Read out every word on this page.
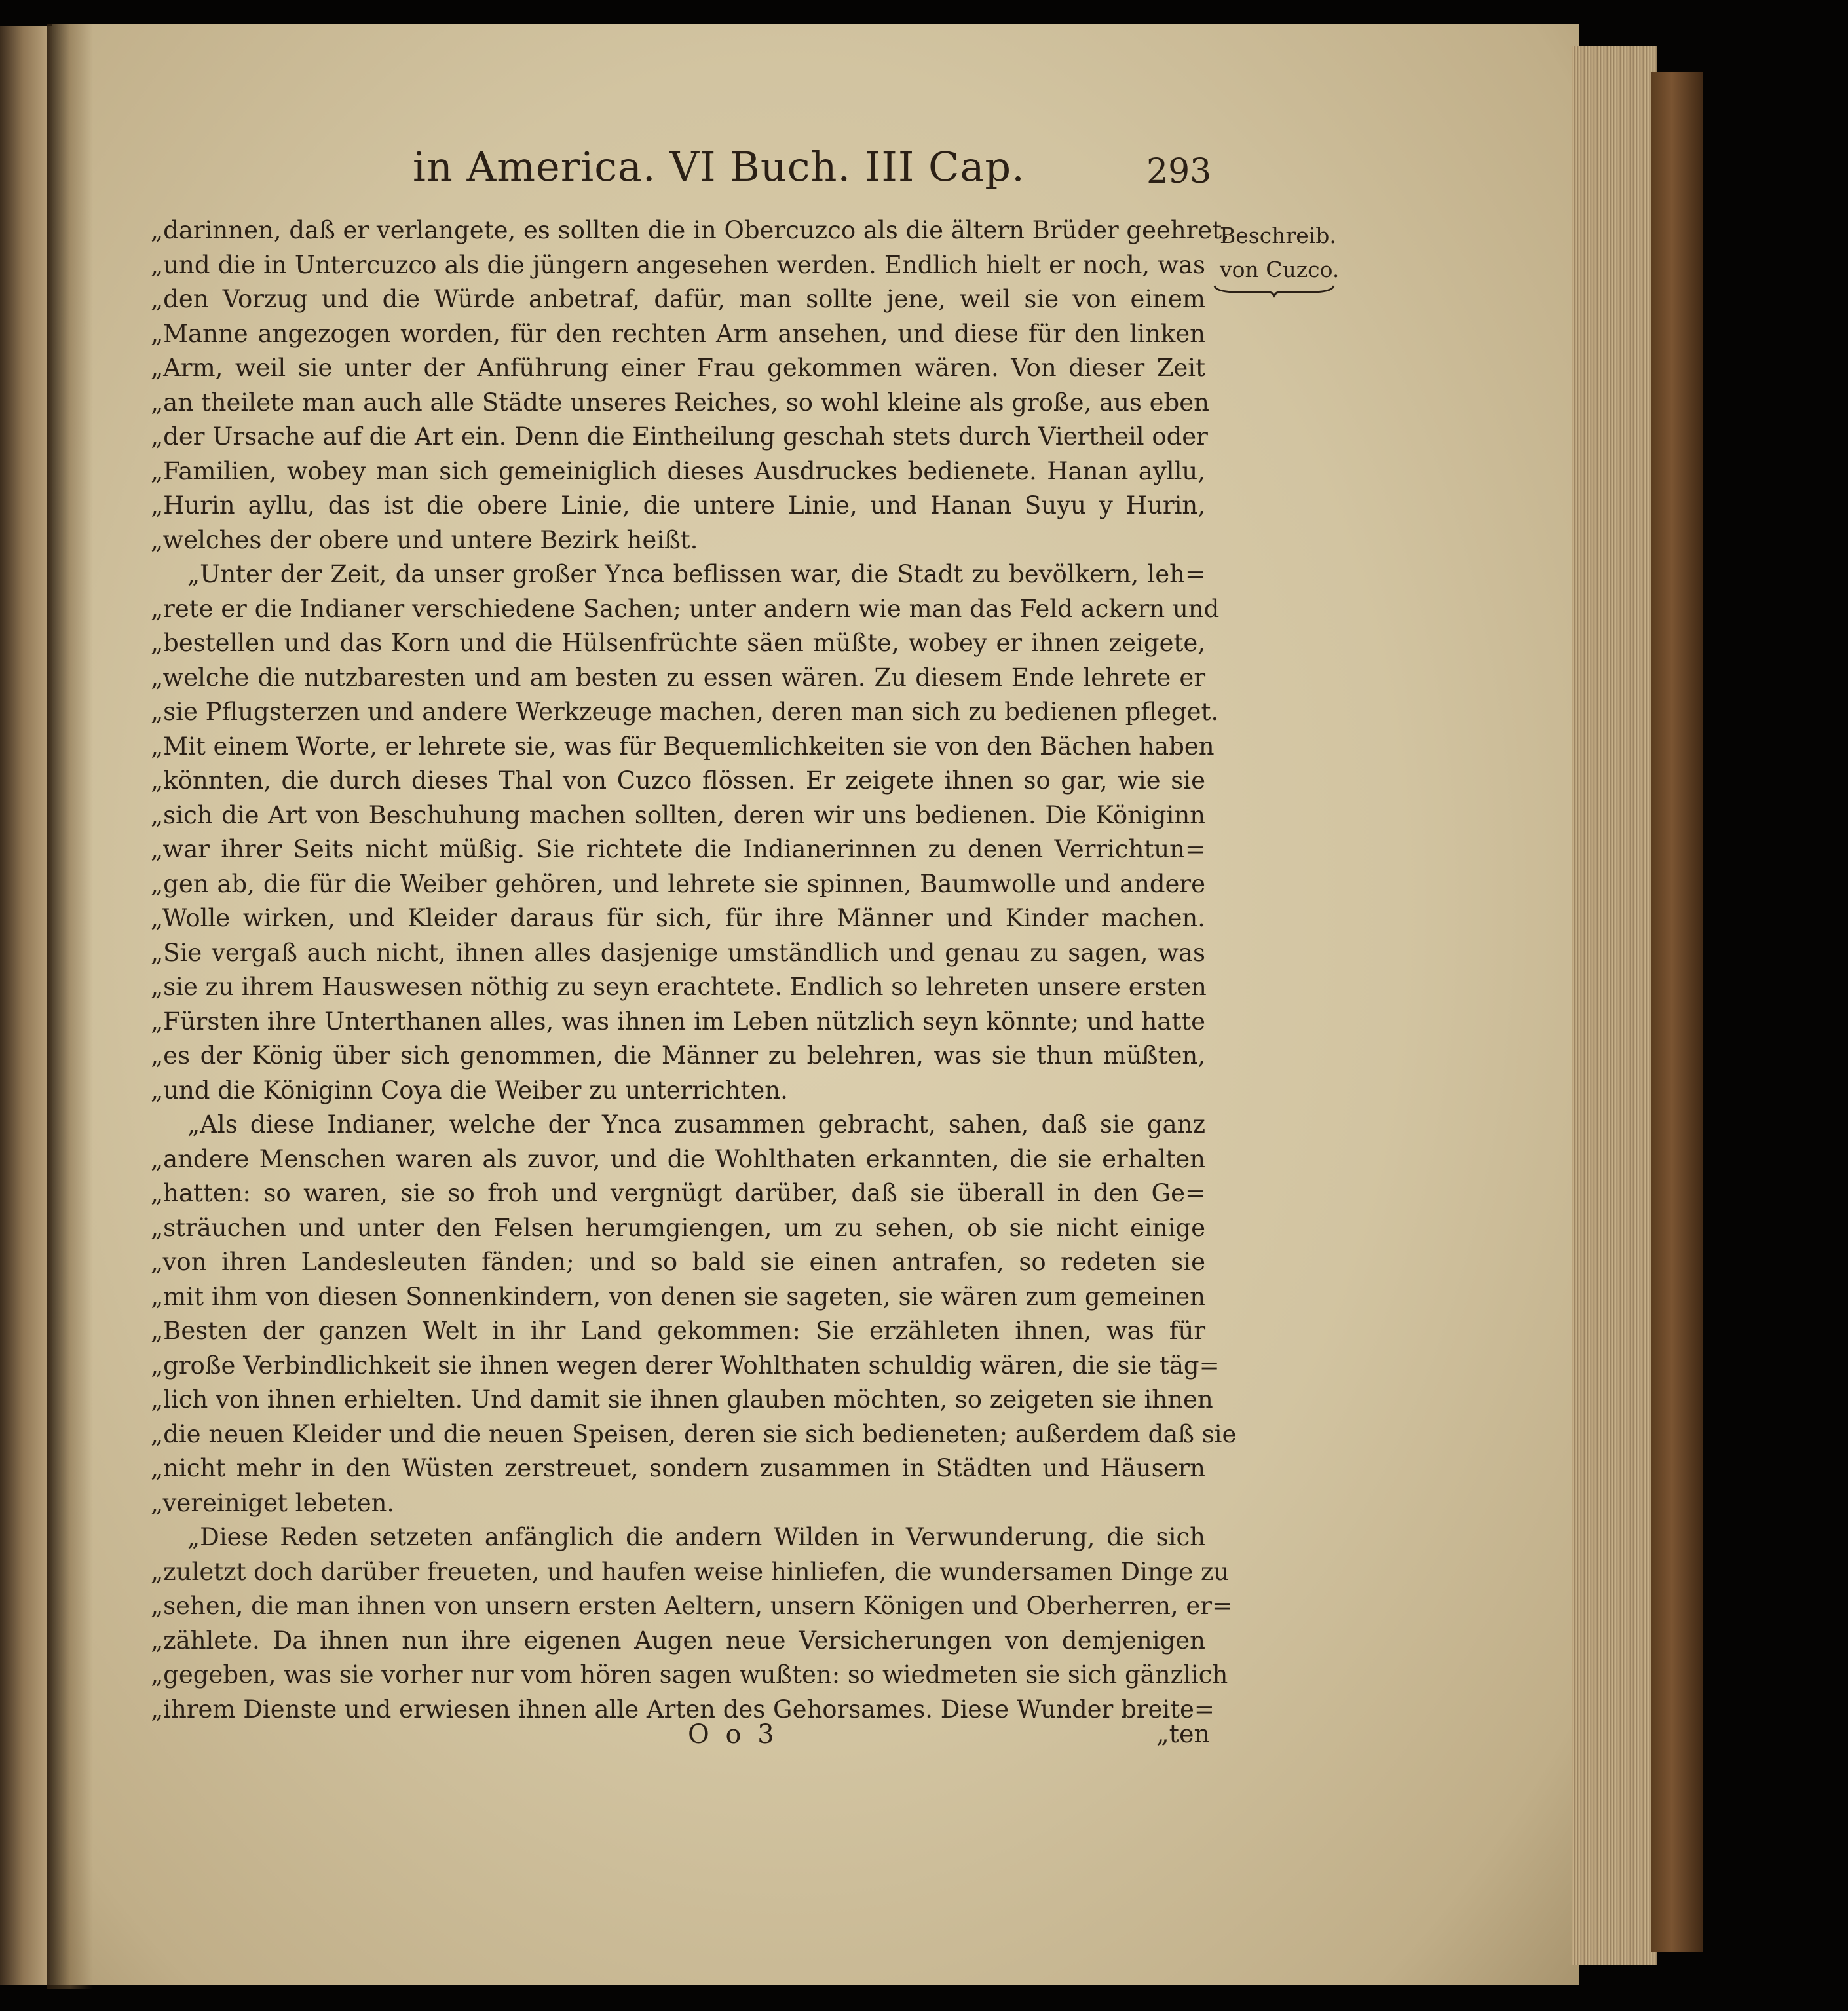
in America. VI Buch. III Cap.	293
Beschreib.
von Cuzco.
„darinnen, daß er verlangete, es sollten die in Obercuzco als die ältern Brüder geehret,
„und die in Untercuzco als die jüngern angesehen werden. Endlich hielt er noch, was
„den Vorzug und die Würde anbetraf, dafür, man sollte jene, weil sie von einem
„Manne angezogen worden, für den rechten Arm ansehen, und diese für den linken
„Arm, weil sie unter der Anführung einer Frau gekommen wären. Von dieser Zeit
„an theilete man auch alle Städte unseres Reiches, so wohl kleine als große, aus eben
„der Ursache auf die Art ein. Denn die Eintheilung geschah stets durch Viertheil oder
„Familien, wobey man sich gemeiniglich dieses Ausdruckes bedienete. Hanan ayllu,
„Hurin ayllu, das ist die obere Linie, die untere Linie, und Hanan Suyu y Hurin,
„welches der obere und untere Bezirk heißt.
„Unter der Zeit, da unser großer Ynca beflissen war, die Stadt zu bevölkern, leh=
„rete er die Indianer verschiedene Sachen; unter andern wie man das Feld ackern und
„bestellen und das Korn und die Hülsenfrüchte säen müßte, wobey er ihnen zeigete,
„welche die nutzbaresten und am besten zu essen wären. Zu diesem Ende lehrete er
„sie Pflugsterzen und andere Werkzeuge machen, deren man sich zu bedienen pfleget.
„Mit einem Worte, er lehrete sie, was für Bequemlichkeiten sie von den Bächen haben
„könnten, die durch dieses Thal von Cuzco flössen. Er zeigete ihnen so gar, wie sie
„sich die Art von Beschuhung machen sollten, deren wir uns bedienen. Die Königinn
„war ihrer Seits nicht müßig. Sie richtete die Indianerinnen zu denen Verrichtun=
„gen ab, die für die Weiber gehören, und lehrete sie spinnen, Baumwolle und andere
„Wolle wirken, und Kleider daraus für sich, für ihre Männer und Kinder machen.
„Sie vergaß auch nicht, ihnen alles dasjenige umständlich und genau zu sagen, was
„sie zu ihrem Hauswesen nöthig zu seyn erachtete. Endlich so lehreten unsere ersten
„Fürsten ihre Unterthanen alles, was ihnen im Leben nützlich seyn könnte; und hatte
„es der König über sich genommen, die Männer zu belehren, was sie thun müßten,
„und die Königinn Coya die Weiber zu unterrichten.
„Als diese Indianer, welche der Ynca zusammen gebracht, sahen, daß sie ganz
„andere Menschen waren als zuvor, und die Wohlthaten erkannten, die sie erhalten
„hatten: so waren, sie so froh und vergnügt darüber, daß sie überall in den Ge=
„sträuchen und unter den Felsen herumgiengen, um zu sehen, ob sie nicht einige
„von ihren Landesleuten fänden; und so bald sie einen antrafen, so redeten sie
„mit ihm von diesen Sonnenkindern, von denen sie sageten, sie wären zum gemeinen
„Besten der ganzen Welt in ihr Land gekommen: Sie erzähleten ihnen, was für
„große Verbindlichkeit sie ihnen wegen derer Wohlthaten schuldig wären, die sie täg=
„lich von ihnen erhielten. Und damit sie ihnen glauben möchten, so zeigeten sie ihnen
„die neuen Kleider und die neuen Speisen, deren sie sich bedieneten; außerdem daß sie
„nicht mehr in den Wüsten zerstreuet, sondern zusammen in Städten und Häusern
„vereiniget lebeten.
„Diese Reden setzeten anfänglich die andern Wilden in Verwunderung, die sich
„zuletzt doch darüber freueten, und haufen weise hinliefen, die wundersamen Dinge zu
„sehen, die man ihnen von unsern ersten Aeltern, unsern Königen und Oberherren, er=
„zählete. Da ihnen nun ihre eigenen Augen neue Versicherungen von demjenigen
„gegeben, was sie vorher nur vom hören sagen wußten: so wiedmeten sie sich gänzlich
„ihrem Dienste und erwiesen ihnen alle Arten des Gehorsames. Diese Wunder breite=
O o 3	„ten
